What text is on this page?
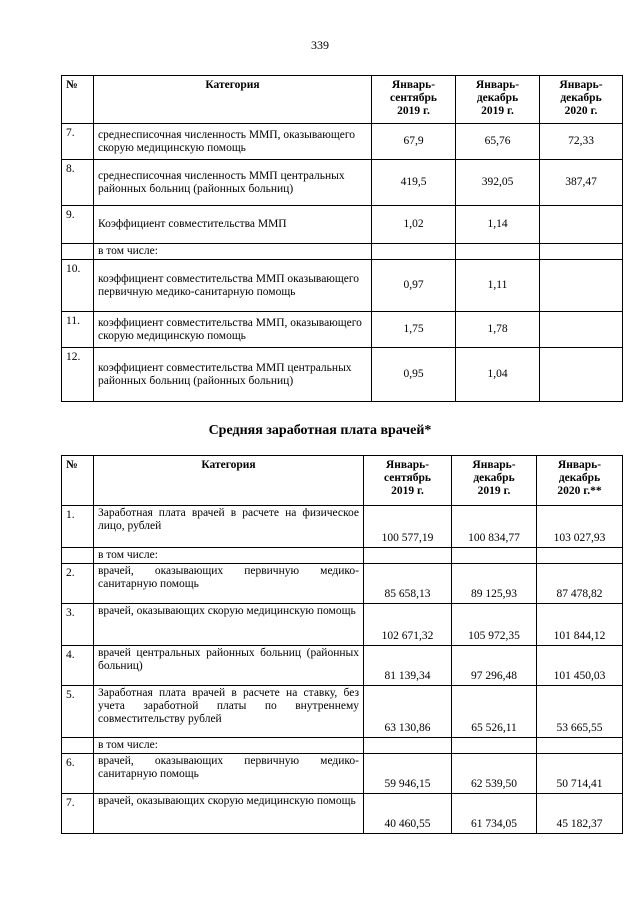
339
№	Категория	Январь-
сентябрь
2019 г.	Январь-
декабрь
2019 г.	Январь-
декабрь
2020 г.
7.	среднесписочная численность ММП, оказывающего скорую медицинскую помощь	67,9	65,76	72,33
8.	среднесписочная численность ММП центральных районных больниц (районных больниц)	419,5	392,05	387,47
9.	Коэффициент совместительства ММП	1,02	1,14	
	в том числе:			
10.	коэффициент совместительства ММП оказывающего первичную медико-санитарную помощь	0,97	1,11	
11.	коэффициент совместительства ММП, оказывающего скорую медицинскую помощь	1,75	1,78	
12.	коэффициент совместительства ММП центральных районных больниц (районных больниц)	0,95	1,04	
Средняя заработная плата врачей*
№	Категория	Январь-
сентябрь
2019 г.	Январь-
декабрь
2019 г.	Январь-
декабрь
2020 г.**
1.	Заработная плата врачей в расчете на физическое лицо, рублей	100 577,19	100 834,77	103 027,93
	в том числе:			
2.	врачей, оказывающих первичную медико-санитарную помощь	85 658,13	89 125,93	87 478,82
3.	врачей, оказывающих скорую медицинскую помощь	102 671,32	105 972,35	101 844,12
4.	врачей центральных районных больниц (районных больниц)	81 139,34	97 296,48	101 450,03
5.	Заработная плата врачей в расчете на ставку, без учета заработной платы по внутреннему совместительству рублей	63 130,86	65 526,11	53 665,55
	в том числе:			
6.	врачей, оказывающих первичную медико-санитарную помощь	59 946,15	62 539,50	50 714,41
7.	врачей, оказывающих скорую медицинскую помощь	40 460,55	61 734,05	45 182,37
